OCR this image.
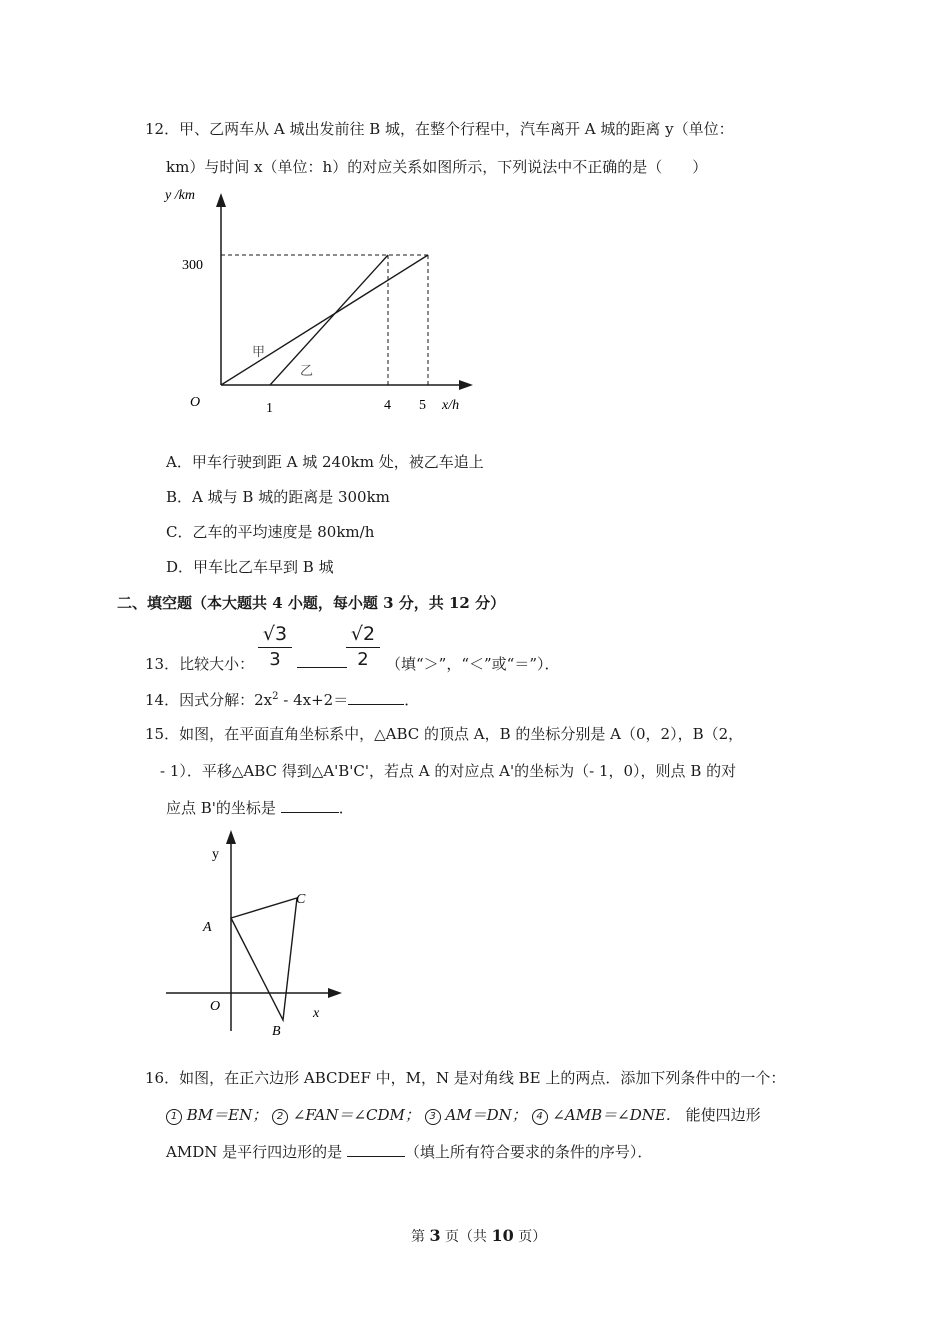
12．甲、乙两车从 A 城出发前往 B 城，在整个行程中，汽车离开 A 城的距离 y（单位：
km）与时间 x（单位：h）的对应关系如图所示，下列说法中不正确的是（　　）
y /km
300
O	1	4 5 x/h
甲
乙
A．甲车行驶到距 A 城 240km 处，被乙车追上
B．A 城与 B 城的距离是 300km
C．乙车的平均速度是 80km/h
D．甲车比乙车早到 B 城
二、填空题（本大题共 4 小题，每小题 3 分，共 12 分）
√3
3
√2
2
13．比较大小：	（填“＞”，“＜”或“＝”）．
14．因式分解：$2x^2 - 4x+2=$	．
15．如图，在平面直角坐标系中，△ABC 的顶点 A，B 的坐标分别是 A（0，2），B（2，
- 1）．平移△ABC 得到△A'B'C'，若点 A 的对应点 A'的坐标为（- 1，0），则点 B 的对
应点 B'的坐标是	．
y
x
O
A
B
C
16．如图，在正六边形 ABCDEF 中，M，N 是对角线 BE 上的两点．添加下列条件中的一个：
1 BM＝EN； 2 ∠FAN＝∠CDM； 3 AM＝DN； 4 ∠AMB＝∠DNE． 能使四边形
AMDN 是平行四边形的是	（填上所有符合要求的条件的序号）．
第 3 页（共 10 页）
